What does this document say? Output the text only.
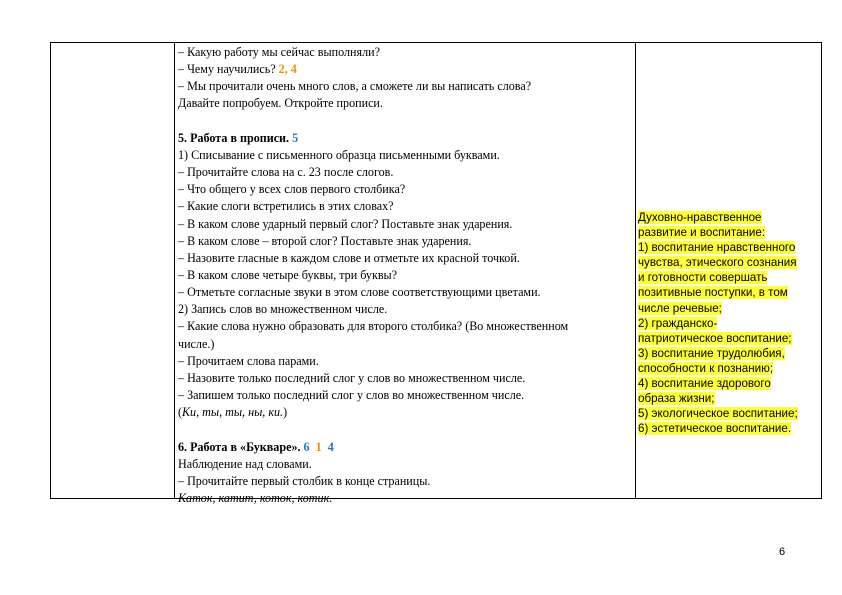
– Какую работу мы сейчас выполняли?
– Чему научились? 2, 4
– Мы прочитали очень много слов, а сможете ли вы написать слова?
Давайте попробуем. Откройте прописи.
5. Работа в прописи. 5
1) Списывание с письменного образца письменными буквами.
– Прочитайте слова на с. 23 после слогов.
– Что общего у всех слов первого столбика?
– Какие слоги встретились в этих словах?
– В каком слове ударный первый слог? Поставьте знак ударения.
– В каком слове – второй слог? Поставьте знак ударения.
– Назовите гласные в каждом слове и отметьте их красной точкой.
– В каком слове четыре буквы, три буквы?
– Отметьте согласные звуки в этом слове соответствующими цветами.
2) Запись слов во множественном числе.
– Какие слова нужно образовать для второго столбика? (Во множественном
числе.)
– Прочитаем слова парами.
– Назовите только последний слог у слов во множественном числе.
– Запишем только последний слог у слов во множественном числе.
(Ки, ты, ты, ны, ки.)
6. Работа в «Букваре». 6 1 4
Наблюдение над словами.
– Прочитайте первый столбик в конце страницы.
Каток, катит, коток, котик.
Духовно-нравственное
развитие и воспитание:
1) воспитание нравственного
чувства, этического сознания
и готовности совершать
позитивные поступки, в том
числе речевые;
2) гражданско-
патриотическое воспитание;
3) воспитание трудолюбия,
способности к познанию;
4) воспитание здорового
образа жизни;
5) экологическое воспитание;
6) эстетическое воспитание.
6
